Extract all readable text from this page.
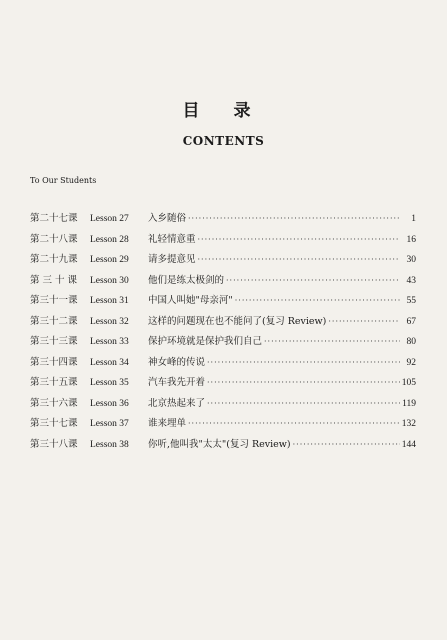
目 录
CONTENTS
To Our Students
第二十七课	Lesson 27	入乡随俗 ·····	1
第二十八课	Lesson 28	礼轻情意重 ·····	16
第二十九课	Lesson 29	请多提意见 ·····	30
第 三 十 课	Lesson 30	他们是练太极剑的 ·····	43
第三十一课	Lesson 31	中国人叫她"母亲河" ·····	55
第三十二课	Lesson 32	这样的问题现在也不能问了(复习 Review) ·····	67
第三十三课	Lesson 33	保护环境就是保护我们自己 ·····	80
第三十四课	Lesson 34	神女峰的传说 ·····	92
第三十五课	Lesson 35	汽车我先开着 ·····	105
第三十六课	Lesson 36	北京热起来了 ·····	119
第三十七课	Lesson 37	谁来埋单 ·····	132
第三十八课	Lesson 38	你听,他叫我"太太"(复习 Review) ·····	144
